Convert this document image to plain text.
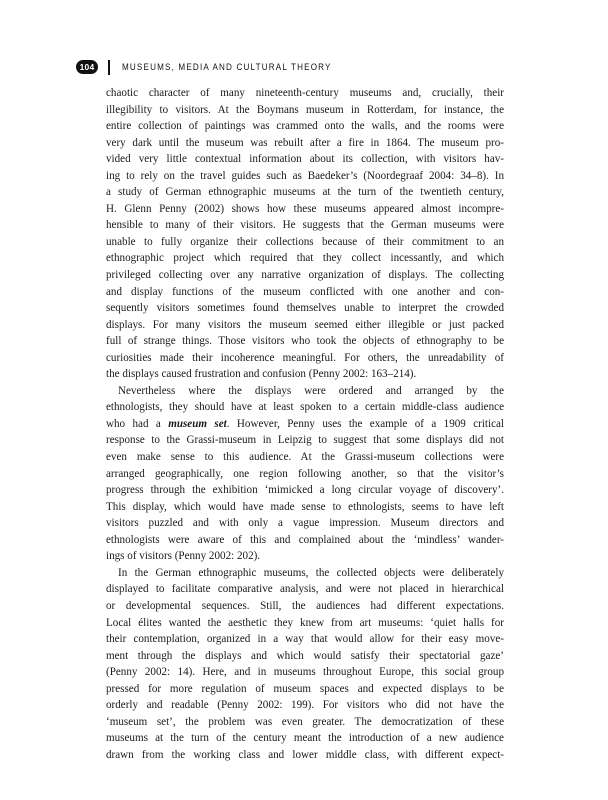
104	MUSEUMS, MEDIA AND CULTURAL THEORY
chaotic character of many nineteenth-century museums and, crucially, their
illegibility to visitors. At the Boymans museum in Rotterdam, for instance, the
entire collection of paintings was crammed onto the walls, and the rooms were
very dark until the museum was rebuilt after a fire in 1864. The museum pro-
vided very little contextual information about its collection, with visitors hav-
ing to rely on the travel guides such as Baedeker’s (Noordegraaf 2004: 34–8). In
a study of German ethnographic museums at the turn of the twentieth century,
H. Glenn Penny (2002) shows how these museums appeared almost incompre-
hensible to many of their visitors. He suggests that the German museums were
unable to fully organize their collections because of their commitment to an
ethnographic project which required that they collect incessantly, and which
privileged collecting over any narrative organization of displays. The collecting
and display functions of the museum conflicted with one another and con-
sequently visitors sometimes found themselves unable to interpret the crowded
displays. For many visitors the museum seemed either illegible or just packed
full of strange things. Those visitors who took the objects of ethnography to be
curiosities made their incoherence meaningful. For others, the unreadability of
the displays caused frustration and confusion (Penny 2002: 163–214).
Nevertheless where the displays were ordered and arranged by the
ethnologists, they should have at least spoken to a certain middle-class audience
who had a museum set. However, Penny uses the example of a 1909 critical
response to the Grassi-museum in Leipzig to suggest that some displays did not
even make sense to this audience. At the Grassi-museum collections were
arranged geographically, one region following another, so that the visitor’s
progress through the exhibition ‘mimicked a long circular voyage of discovery’.
This display, which would have made sense to ethnologists, seems to have left
visitors puzzled and with only a vague impression. Museum directors and
ethnologists were aware of this and complained about the ‘mindless’ wander-
ings of visitors (Penny 2002: 202).
In the German ethnographic museums, the collected objects were deliberately
displayed to facilitate comparative analysis, and were not placed in hierarchical
or developmental sequences. Still, the audiences had different expectations.
Local élites wanted the aesthetic they knew from art museums: ‘quiet halls for
their contemplation, organized in a way that would allow for their easy move-
ment through the displays and which would satisfy their spectatorial gaze’
(Penny 2002: 14). Here, and in museums throughout Europe, this social group
pressed for more regulation of museum spaces and expected displays to be
orderly and readable (Penny 2002: 199). For visitors who did not have the
‘museum set’, the problem was even greater. The democratization of these
museums at the turn of the century meant the introduction of a new audience
drawn from the working class and lower middle class, with different expect-
